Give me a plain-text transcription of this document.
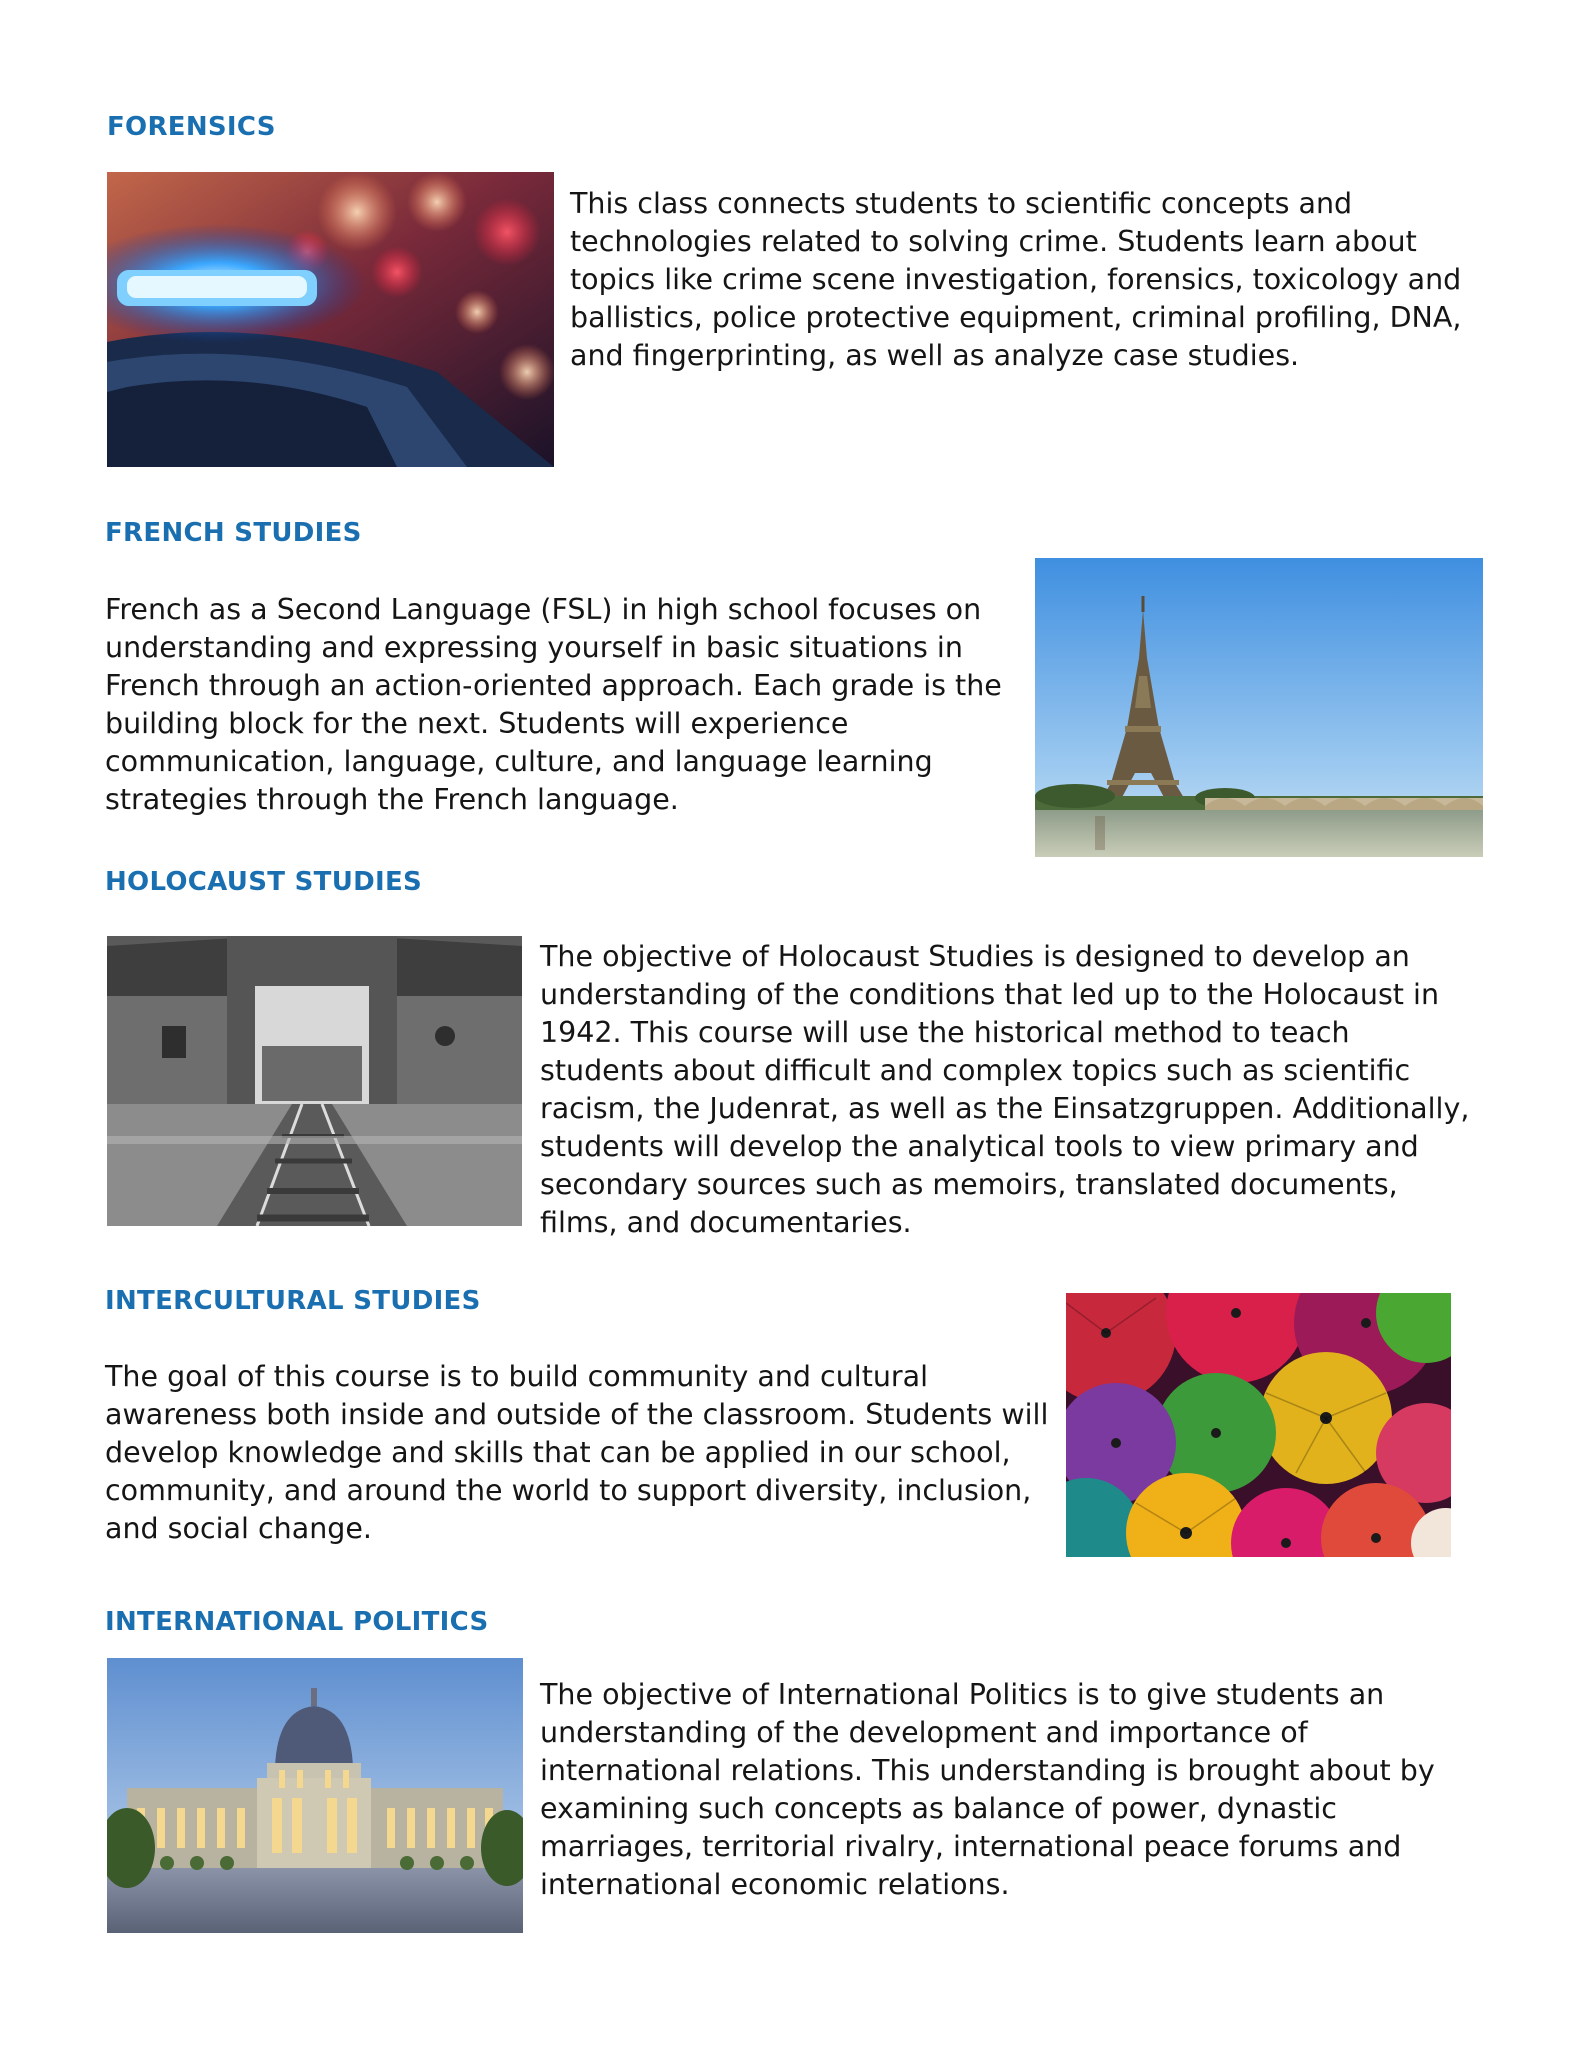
FORENSICS

This class connects students to scientific concepts and technologies related to solving crime. Students learn about topics like crime scene investigation, forensics, toxicology and ballistics, police protective equipment, criminal profiling, DNA, and fingerprinting, as well as analyze case studies.

FRENCH STUDIES

French as a Second Language (FSL) in high school focuses on understanding and expressing yourself in basic situations in French through an action-oriented approach. Each grade is the building block for the next. Students will experience communication, language, culture, and language learning strategies through the French language.

HOLOCAUST STUDIES

The objective of Holocaust Studies is designed to develop an understanding of the conditions that led up to the Holocaust in 1942. This course will use the historical method to teach students about difficult and complex topics such as scientific racism, the Judenrat, as well as the Einsatzgruppen. Additionally, students will develop the analytical tools to view primary and secondary sources such as memoirs, translated documents, films, and documentaries.

INTERCULTURAL STUDIES

The goal of this course is to build community and cultural awareness both inside and outside of the classroom. Students will develop knowledge and skills that can be applied in our school, community, and around the world to support diversity, inclusion, and social change.

INTERNATIONAL POLITICS

The objective of International Politics is to give students an understanding of the development and importance of international relations. This understanding is brought about by examining such concepts as balance of power, dynastic marriages, territorial rivalry, international peace forums and international economic relations.
